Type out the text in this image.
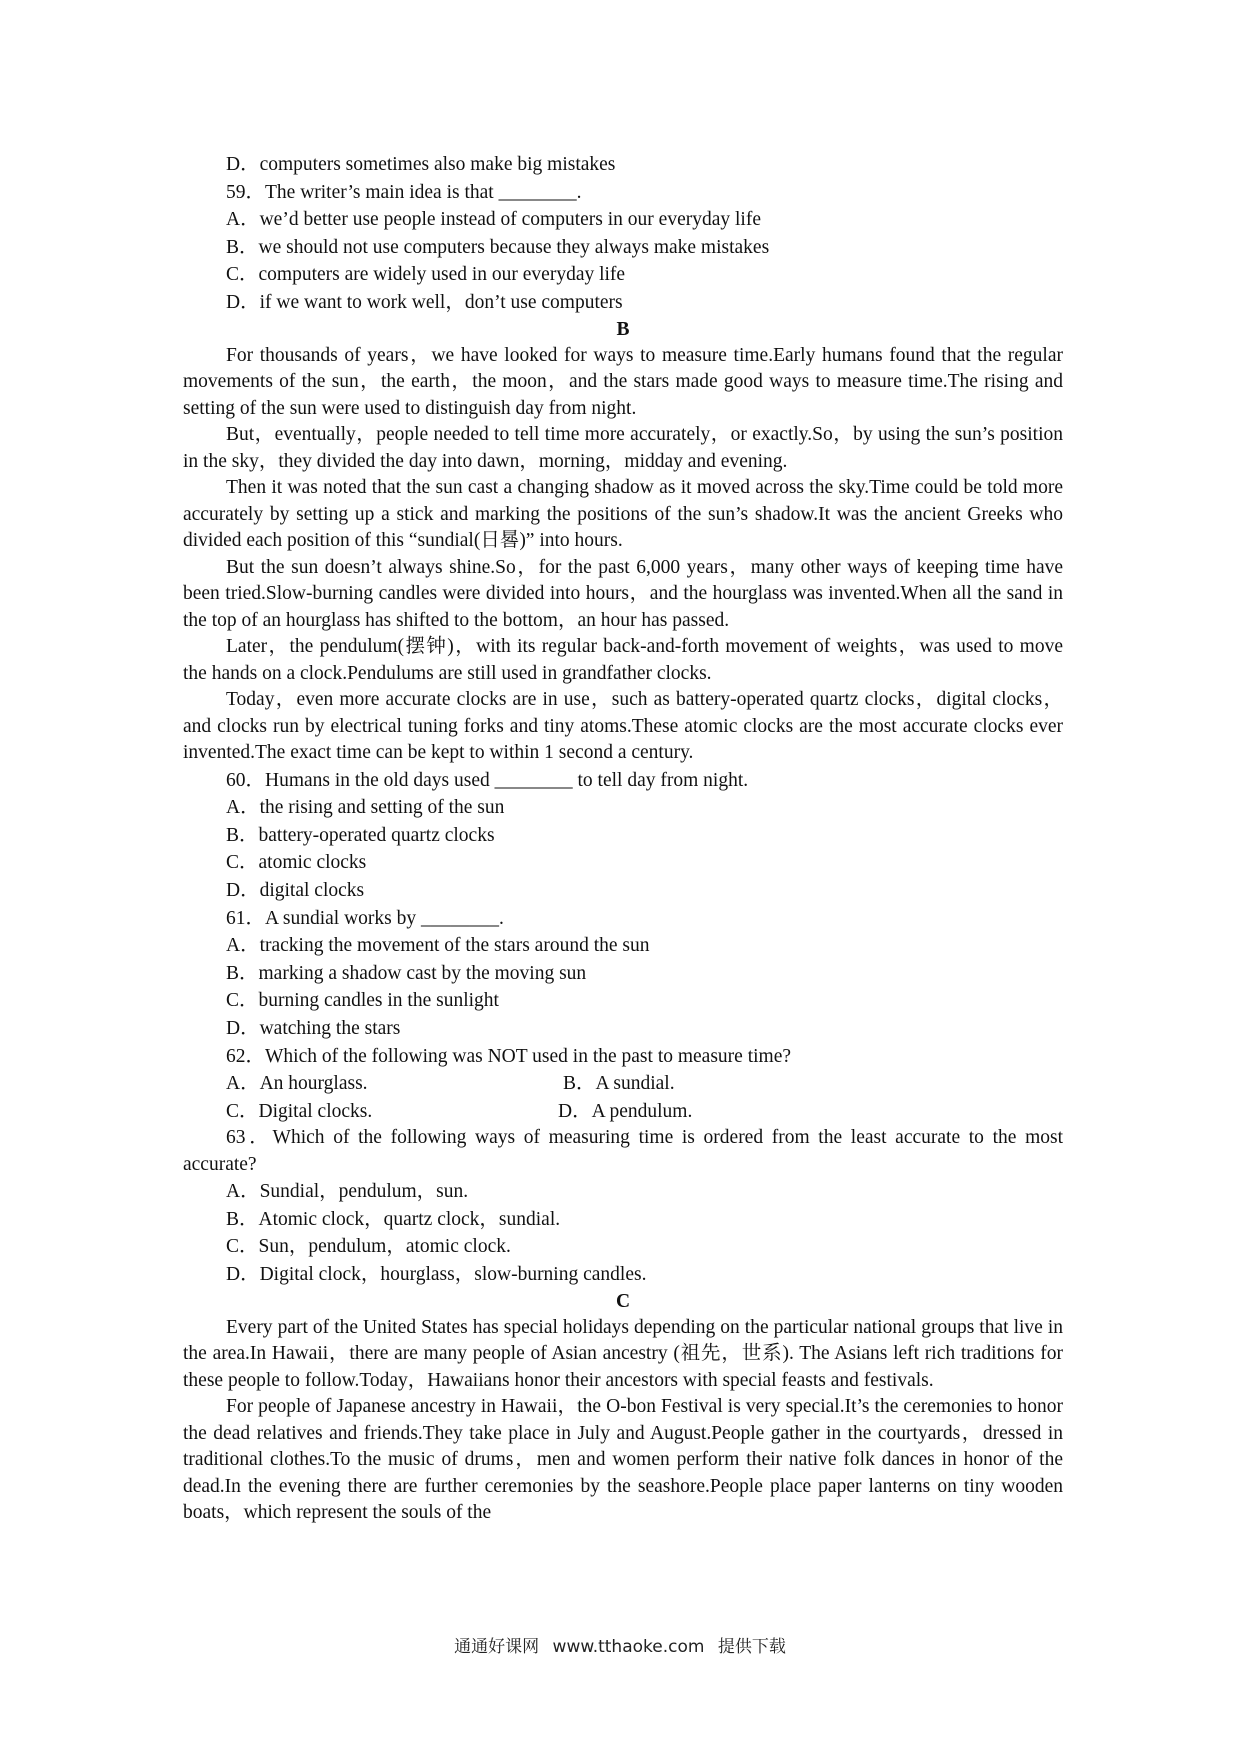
D．computers sometimes also make big mistakes
59．The writer’s main idea is that ________.
A．we’d better use people instead of computers in our everyday life
B．we should not use computers because they always make mistakes
C．computers are widely used in our everyday life
D．if we want to work well，don’t use computers
B

For thousands of years，we have looked for ways to measure time.Early humans found that the regular movements of the sun，the earth，the moon，and the stars made good ways to measure time.The rising and setting of the sun were used to distinguish day from night.

But，eventually，people needed to tell time more accurately，or exactly.So，by using the sun’s position in the sky，they divided the day into dawn，morning，midday and evening.

Then it was noted that the sun cast a changing shadow as it moved across the sky.Time could be told more accurately by setting up a stick and marking the positions of the sun’s shadow.It was the ancient Greeks who divided each position of this “sundial(日晷)” into hours.

But the sun doesn’t always shine.So，for the past 6,000 years，many other ways of keeping time have been tried.Slow-burning candles were divided into hours，and the hourglass was invented.When all the sand in the top of an hourglass has shifted to the bottom，an hour has passed.

Later，the pendulum(摆钟)，with its regular back-and-forth movement of weights，was used to move the hands on a clock.Pendulums are still used in grandfather clocks.

Today，even more accurate clocks are in use，such as battery-operated quartz clocks，digital clocks，and clocks run by electrical tuning forks and tiny atoms.These atomic clocks are the most accurate clocks ever invented.The exact time can be kept to within 1 second a century.

60．Humans in the old days used ________ to tell day from night.
A．the rising and setting of the sun
B．battery-operated quartz clocks
C．atomic clocks
D．digital clocks
61．A sundial works by ________.
A．tracking the movement of the stars around the sun
B．marking a shadow cast by the moving sun
C．burning candles in the sunlight
D．watching the stars
62．Which of the following was NOT used in the past to measure time?
A．An hourglass.	B．A sundial.
C．Digital clocks.	D．A pendulum.

63．Which of the following ways of measuring time is ordered from the least accurate to the most accurate?

A．Sundial，pendulum，sun.
B．Atomic clock，quartz clock，sundial.
C．Sun，pendulum，atomic clock.
D．Digital clock，hourglass，slow-burning candles.
C

Every part of the United States has special holidays depending on the particular national groups that live in the area.In Hawaii，there are many people of Asian ancestry (祖先，世系). The Asians left rich traditions for these people to follow.Today，Hawaiians honor their ancestors with special feasts and festivals.

For people of Japanese ancestry in Hawaii，the O-bon Festival is very special.It’s the ceremonies to honor the dead relatives and friends.They take place in July and August.People gather in the courtyards，dressed in traditional clothes.To the music of drums，men and women perform their native folk dances in honor of the dead.In the evening there are further ceremonies by the seashore.People place paper lanterns on tiny wooden boats，which represent the souls of the

通通好课网 www.tthaoke.com 提供下载
